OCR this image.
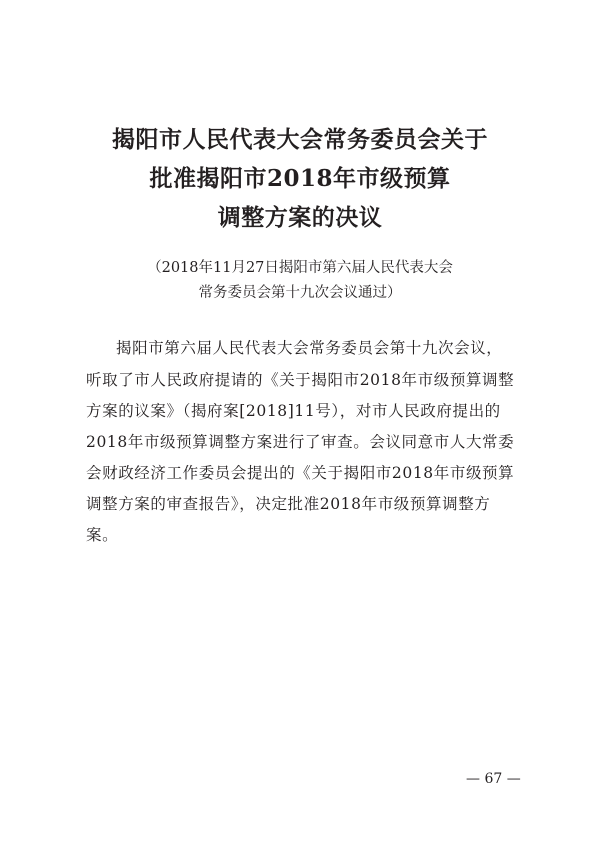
揭阳市人民代表大会常务委员会关于
批准揭阳市2018年市级预算
调整方案的决议
（2018年11月27日揭阳市第六届人民代表大会
常务委员会第十九次会议通过）
揭阳市第六届人民代表大会常务委员会第十九次会议，
听取了市人民政府提请的《关于揭阳市2018年市级预算调整
方案的议案》（揭府案[2018]11号），对市人民政府提出的
2018年市级预算调整方案进行了审查。会议同意市人大常委
会财政经济工作委员会提出的《关于揭阳市2018年市级预算
调整方案的审查报告》，决定批准2018年市级预算调整方
案。
— 67 —
